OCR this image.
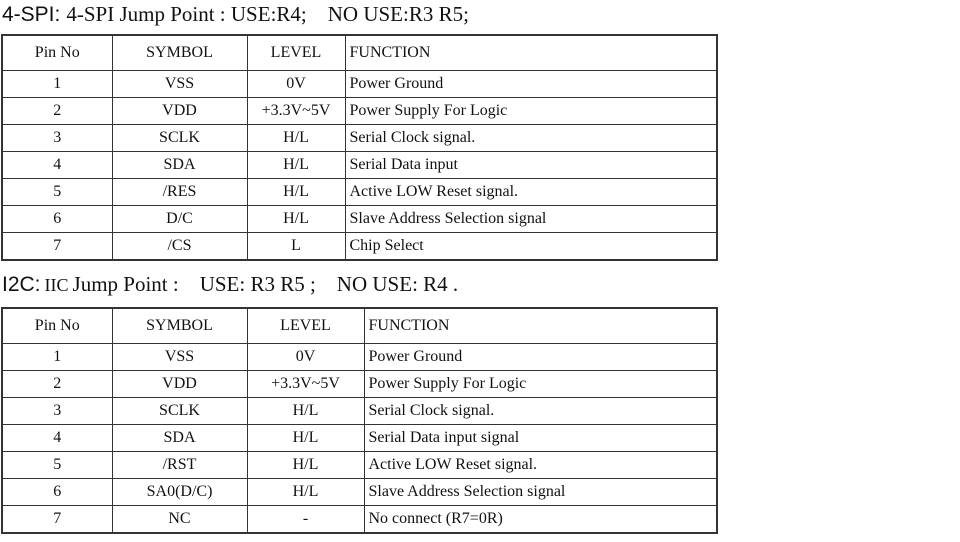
4-SPI: 4-SPI Jump Point : USE:R4;    NO USE:R3 R5;
Pin No	SYMBOL	LEVEL	FUNCTION
1	VSS	0V	Power Ground
2	VDD	+3.3V~5V	Power Supply For Logic
3	SCLK	H/L	Serial Clock signal.
4	SDA	H/L	Serial Data input
5	/RES	H/L	Active LOW Reset signal.
6	D/C	H/L	Slave Address Selection signal
7	/CS	L	Chip Select
I2C: IIC Jump Point :    USE: R3 R5 ;    NO USE: R4 .
Pin No	SYMBOL	LEVEL	FUNCTION
1	VSS	0V	Power Ground
2	VDD	+3.3V~5V	Power Supply For Logic
3	SCLK	H/L	Serial Clock signal.
4	SDA	H/L	Serial Data input signal
5	/RST	H/L	Active LOW Reset signal.
6	SA0(D/C)	H/L	Slave Address Selection signal
7	NC	-	No connect (R7=0R)
